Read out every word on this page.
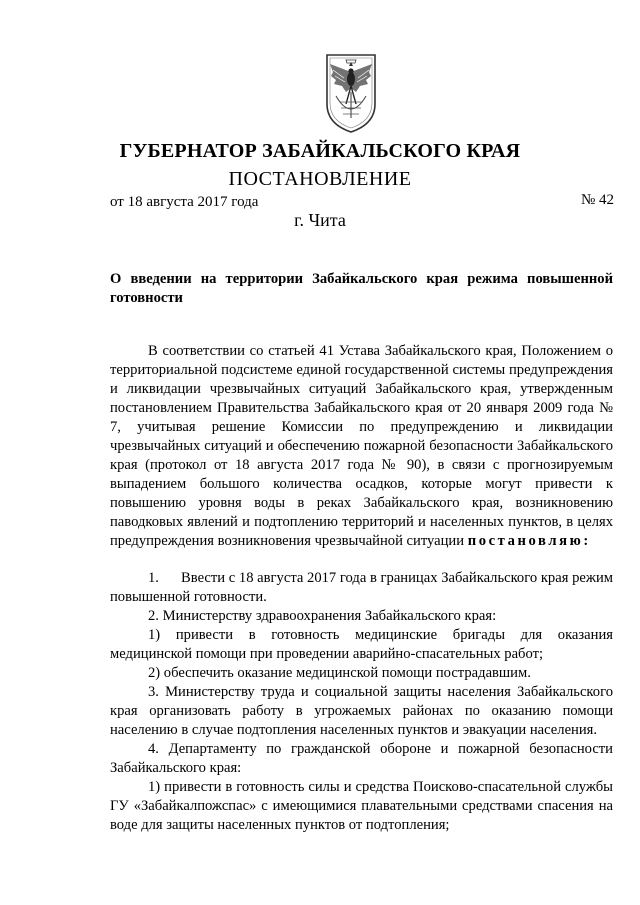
ГУБЕРНАТОР ЗАБАЙКАЛЬСКОГО КРАЯ
ПОСТАНОВЛЕНИЕ
от 18 августа 2017 года	№ 42
г. Чита
О введении на территории Забайкальского края режима повышенной готовности

В соответствии со статьей 41 Устава Забайкальского края, Положением о территориальной подсистеме единой государственной системы предупреждения и ликвидации чрезвычайных ситуаций Забайкальского края, утвержденным постановлением Правительства Забайкальского края от 20 января 2009 года № 7, учитывая решение Комиссии по предупреждению и ликвидации чрезвычайных ситуаций и обеспечению пожарной безопасности Забайкальского края (протокол от 18 августа 2017 года № 90), в связи с прогнозируемым выпадением большого количества осадков, которые могут привести к повышению уровня воды в реках Забайкальского края, возникновению паводковых явлений и подтоплению территорий и населенных пунктов, в целях предупреждения возникновения чрезвычайной ситуации постановляю:

1.      Ввести с 18 августа 2017 года в границах Забайкальского края режим повышенной готовности.

2. Министерству здравоохранения Забайкальского края:

1) привести в готовность медицинские бригады для оказания медицинской помощи при проведении аварийно-спасательных работ;

2) обеспечить оказание медицинской помощи пострадавшим.

3. Министерству труда и социальной защиты населения Забайкальского края организовать работу в угрожаемых районах по оказанию помощи населению в случае подтопления населенных пунктов и эвакуации населения.

4. Департаменту по гражданской обороне и пожарной безопасности Забайкальского края:

1) привести в готовность силы и средства Поисково-спасательной службы ГУ «Забайкалпожспас» с имеющимися плавательными средствами спасения на воде для защиты населенных пунктов от подтопления;
